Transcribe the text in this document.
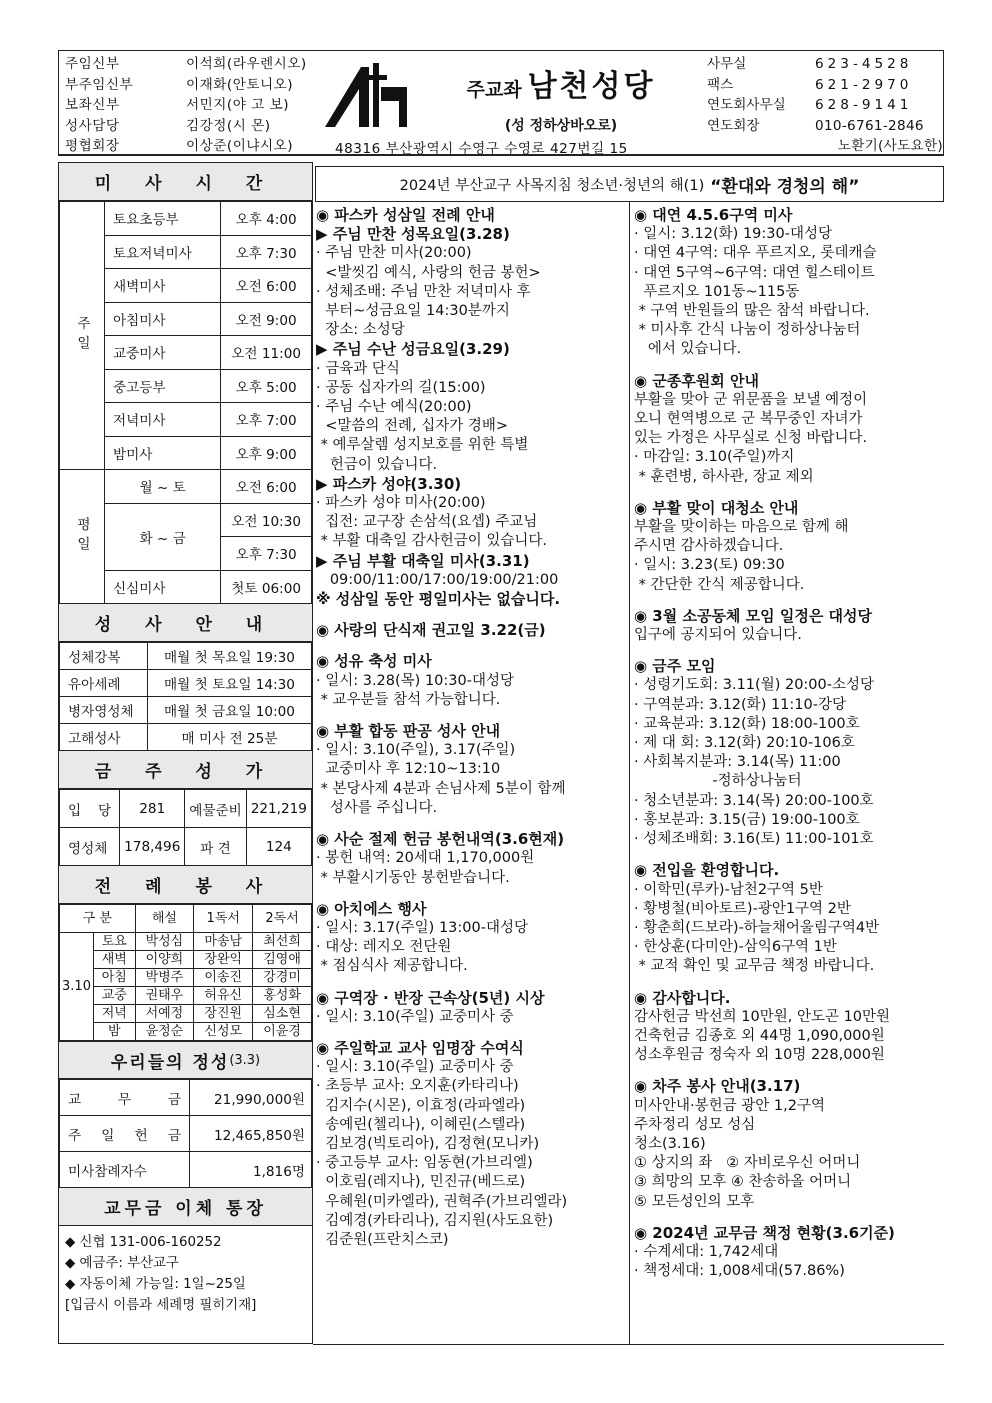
주임신부	이석희(라우렌시오)
부주임신부	이재화(안토니오)
보좌신부	서민지(야 고 보)
성사담당	김강정(시 몬)
평협회장	이상준(이냐시오)
주교좌 남천성당
(성 정하상바오로)
48316 부산광역시 수영구 수영로 427번길 15
사무실	623-4528
팩스	621-2970
연도회사무실	628-9141
연도회장	010-6761-2846
노환기(사도요한)
미 사 시 간
주일	토요초등부	오후 4:00
	토요저녁미사	오후 7:30
	새벽미사	오전 6:00
	아침미사	오전 9:00
	교중미사	오전 11:00
	중고등부	오후 5:00
	저녁미사	오후 7:00
	밤미사	오후 9:00
평일	월 ~ 토	오전 6:00
	화 ~ 금	오전 10:30
		오후 7:30
	신심미사	첫토 06:00
성 사 안 내
성체강복	매월 첫 목요일 19:30
유아세례	매월 첫 토요일 14:30
병자영성체	매월 첫 금요일 10:00
고해성사	매 미사 전 25분
금 주 성 가
입 당	281	예물준비	221,219
영성체	178,496	파 견	124
전 례 봉 사
구 분		해설	1독서	2독서
3.10	토요	박성심	마송남	최선희
	새벽	이양희	장완익	김영애
	아침	박병주	이송진	강경미
	교중	권태우	허유신	홍성화
	저녁	서예정	장진원	심소현
	밤	윤정순	신성모	이윤경
우리들의 정성 (3.3)
교 무 금	21,990,000원
주 일 헌 금	12,465,850원
미사참례자수	1,816명
교무금 이체 통장
◆ 신협 131-006-160252
◆ 예금주: 부산교구
◆ 자동이체 가능일: 1일~25일
[입금시 이름과 세례명 필히기재]
2024년 부산교구 사목지침 청소년·청년의 해(1) “환대와 경청의 해”
◉ 파스카 성삼일 전례 안내
▶ 주님 만찬 성목요일(3.28)
· 주님 만찬 미사(20:00)
<발씻김 예식, 사랑의 헌금 봉헌>
· 성체조배: 주님 만찬 저녁미사 후
부터~성금요일 14:30분까지
장소: 소성당
▶ 주님 수난 성금요일(3.29)
· 금육과 단식
· 공동 십자가의 길(15:00)
· 주님 수난 예식(20:00)
<말씀의 전례, 십자가 경배>
* 예루살렘 성지보호를 위한 특별
헌금이 있습니다.
▶ 파스카 성야(3.30)
· 파스카 성야 미사(20:00)
집전: 교구장 손삼석(요셉) 주교님
* 부활 대축일 감사헌금이 있습니다.
▶ 주님 부활 대축일 미사(3.31)
09:00/11:00/17:00/19:00/21:00
※ 성삼일 동안 평일미사는 없습니다.
◉ 사랑의 단식재 권고일 3.22(금)
◉ 성유 축성 미사
· 일시: 3.28(목) 10:30-대성당
* 교우분들 참석 가능합니다.
◉ 부활 합동 판공 성사 안내
· 일시: 3.10(주일), 3.17(주일)
교중미사 후 12:10~13:10
* 본당사제 4분과 손님사제 5분이 함께
성사를 주십니다.
◉ 사순 절제 헌금 봉헌내역(3.6현재)
· 봉헌 내역: 20세대 1,170,000원
* 부활시기동안 봉헌받습니다.
◉ 아치에스 행사
· 일시: 3.17(주일) 13:00-대성당
· 대상: 레지오 전단원
* 점심식사 제공합니다.
◉ 구역장 · 반장 근속상(5년) 시상
· 일시: 3.10(주일) 교중미사 중
◉ 주일학교 교사 임명장 수여식
· 일시: 3.10(주일) 교중미사 중
· 초등부 교사: 오지훈(카타리나)
김지수(시몬), 이효정(라파엘라)
송예린(첼리나), 이혜린(스텔라)
김보경(빅토리아), 김정현(모니카)
· 중고등부 교사: 임동현(가브리엘)
이호림(레지나), 민진규(베드로)
우혜원(미카엘라), 권혁주(가브리엘라)
김예경(카타리나), 김지원(사도요한)
김준원(프란치스코)
◉ 대연 4.5.6구역 미사
· 일시: 3.12(화) 19:30-대성당
· 대연 4구역: 대우 푸르지오, 롯데캐슬
· 대연 5구역~6구역: 대연 힐스테이트
푸르지오 101동~115동
* 구역 반원들의 많은 참석 바랍니다.
* 미사후 간식 나눔이 정하상나눔터
에서 있습니다.
◉ 군종후원회 안내
부활을 맞아 군 위문품을 보낼 예정이
오니 현역병으로 군 복무중인 자녀가
있는 가정은 사무실로 신청 바랍니다.
· 마감일: 3.10(주일)까지
* 훈련병, 하사관, 장교 제외
◉ 부활 맞이 대청소 안내
부활을 맞이하는 마음으로 함께 해
주시면 감사하겠습니다.
· 일시: 3.23(토) 09:30
* 간단한 간식 제공합니다.
◉ 3월 소공동체 모임 일정은 대성당
입구에 공지되어 있습니다.
◉ 금주 모임
· 성령기도회: 3.11(월) 20:00-소성당
· 구역분과: 3.12(화) 11:10-강당
· 교육분과: 3.12(화) 18:00-100호
· 제 대 회: 3.12(화) 20:10-106호
· 사회복지분과: 3.14(목) 11:00
-정하상나눔터
· 청소년분과: 3.14(목) 20:00-100호
· 홍보분과: 3.15(금) 19:00-100호
· 성체조배회: 3.16(토) 11:00-101호
◉ 전입을 환영합니다.
· 이학민(루카)-남천2구역 5반
· 황병철(비아토르)-광안1구역 2반
· 황춘희(드보라)-하늘채어울림구역4반
· 한상훈(다미안)-삼익6구역 1반
* 교적 확인 및 교무금 책정 바랍니다.
◉ 감사합니다.
감사헌금 박선희 10만원, 안도곤 10만원
건축헌금 김종호 외 44명 1,090,000원
성소후원금 정숙자 외 10명 228,000원
◉ 차주 봉사 안내(3.17)
미사안내·봉헌금 광안 1,2구역
주차정리 성모 성심
청소(3.16)
① 상지의 좌   ② 자비로우신 어머니
③ 희망의 모후 ④ 찬송하올 어머니
⑤ 모든성인의 모후
◉ 2024년 교무금 책정 현황(3.6기준)
· 수계세대: 1,742세대
· 책정세대: 1,008세대(57.86%)
